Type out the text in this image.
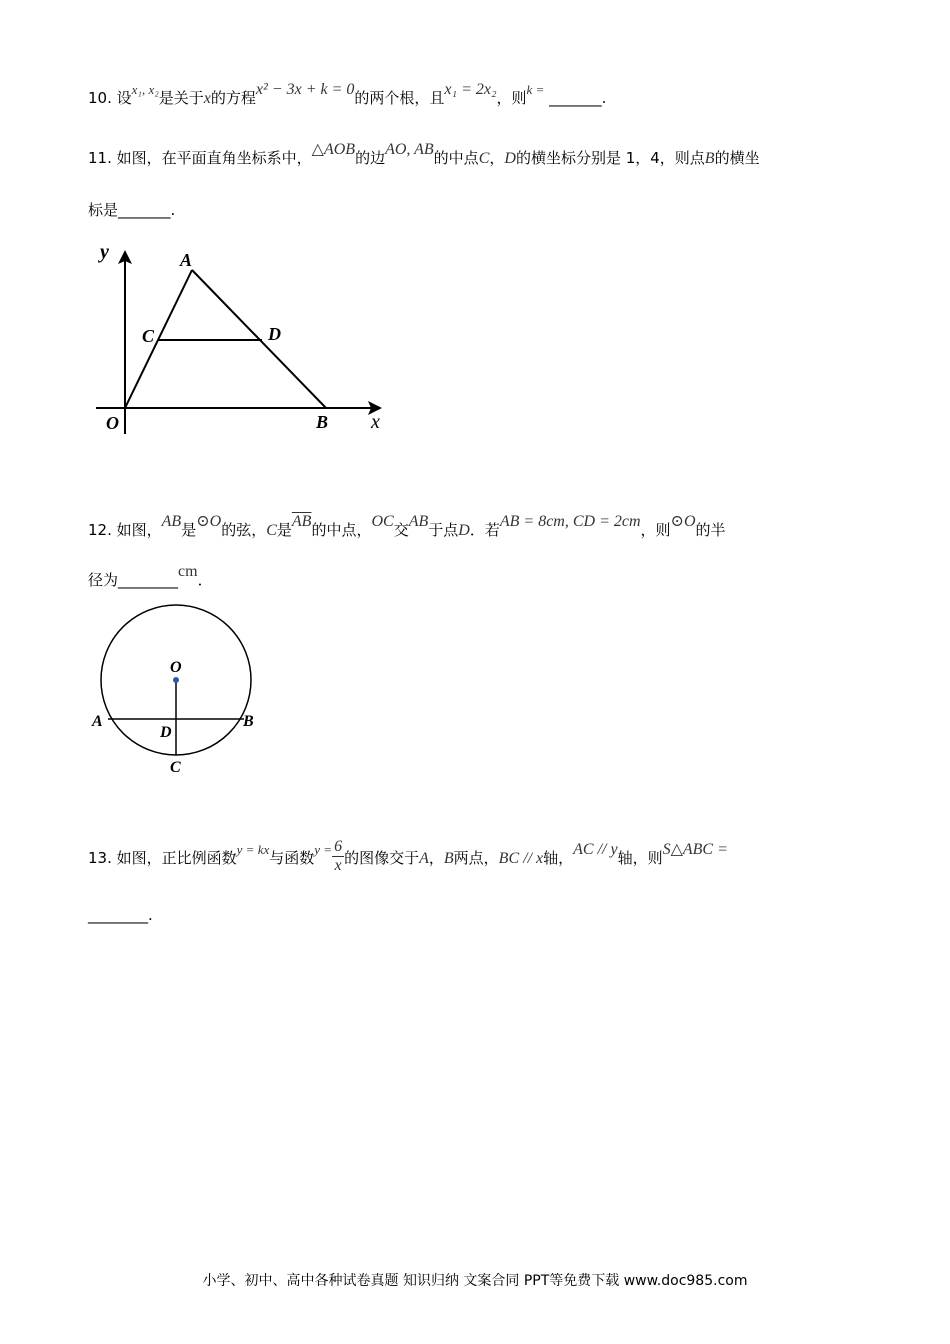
10. 设x₁, x₂是关于x的方程x² − 3x + k = 0的两个根，且x₁ = 2x₂，则k = _______.
11. 如图，在平面直角坐标系中，△AOB的边AO, AB的中点C，D的横坐标分别是 1，4，则点B的横坐
标是_______.
y
x
A
C	D
O	B
12. 如图，AB是⊙O的弦，C是$\overline{AB}$的中点，OC交AB于点D．若AB = 8cm, CD = 2cm，则⊙O的半
径为________cm．
O
A	B
D
C
13. 如图，正比例函数y = kx与函数$y = \frac{6}{x}$ 的图像交于A，B两点，BC // x轴，AC // y轴，则S△ABC =
________.
小学、初中、高中各种试卷真题 知识归纳 文案合同 PPT等免费下载 www.doc985.com
